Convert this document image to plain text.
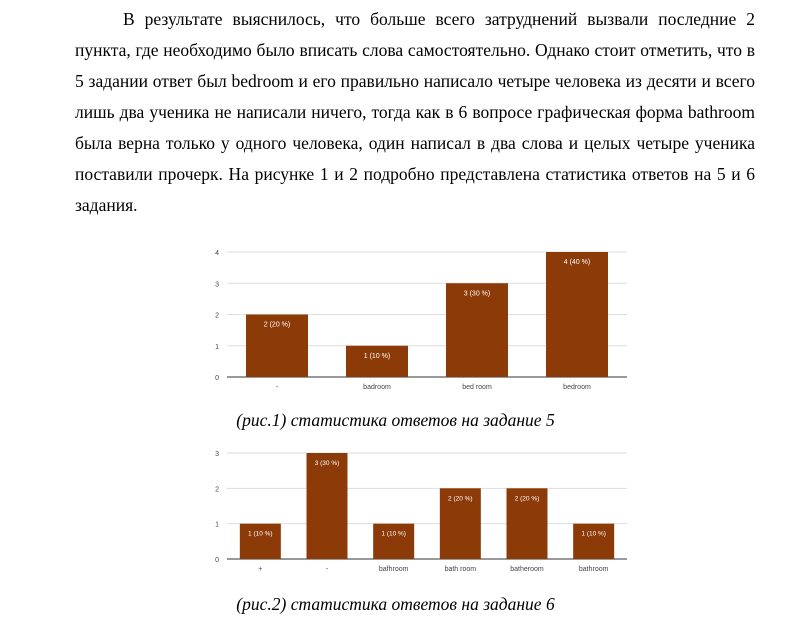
В результате выяснилось, что больше всего затруднений вызвали последние 2 пункта, где необходимо было вписать слова самостоятельно. Однако стоит отметить, что в 5 задании ответ был bedroom и его правильно написало четыре человека из десяти и всего лишь два ученика не написали ничего, тогда как в 6 вопросе графическая форма bathroom была верна только у одного человека, один написал в два слова и целых четыре ученика поставили прочерк. На рисунке 1 и 2 подробно представлена статистика ответов на 5 и 6 задания.

0
1
2
3
4
2 (20 %)
-
1 (10 %)
badroom
3 (30 %)
bed room
4 (40 %)
bedroom

(рис.1) статистика ответов на задание 5

0
1
2
3
1 (10 %)
+
3 (30 %)
-
1 (10 %)
bafhroom
2 (20 %)
bath room
2 (20 %)
batheroom
1 (10 %)
bathroom

(рис.2) статистика ответов на задание 6
